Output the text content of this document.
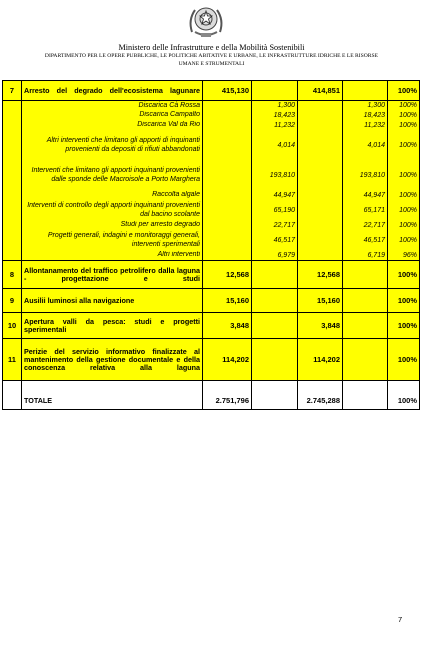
Ministero delle Infrastrutture e della Mobilità Sostenibili
DIPARTIMENTO PER LE OPERE PUBBLICHE, LE POLITICHE ABITATIVE E URBANE, LE INFRASTRUTTURE IDRICHE E LE RISORSE
UMANE E STRUMENTALI
7	Arresto del degrado dell'ecosistema lagunare	415,130		414,851		100%
	Discarica Cà Rossa		1,300		1,300	100%
	Discarica Campalto		18,423		18,423	100%
	Discarica Val da Rio		11,232		11,232	100%
	Altri interventi che limitano gli apporti di inquinanti provenienti da depositi di rifiuti abbandonati		4,014		4,014	100%
	Interventi che limitano gli apporti inquinanti provenienti dalle sponde delle Macroisole a Porto Marghera		193,810		193,810	100%
	Raccolta algale		44,947		44,947	100%
	Interventi di controllo degli apporti inquinanti provenienti dal bacino scolante		65,190		65,171	100%
	Studi per arresto degrado		22,717		22,717	100%
	Progetti generali, indagini e monitoraggi generali, interventi sperimentali		46,517		46,517	100%
	Altri interventi		6,979		6,719	96%
8	Allontanamento del traffico petrolifero dalla laguna - progettazione e studi	12,568		12,568		100%
9	Ausilii luminosi alla navigazione	15,160		15,160		100%
10	Apertura valli da pesca: studi e progetti sperimentali	3,848		3,848		100%
11	Perizie del servizio informativo finalizzate al mantenimento della gestione documentale e della conoscenza relativa alla laguna	114,202		114,202		100%

	TOTALE	2.751,796		2.745,288		100%
7
